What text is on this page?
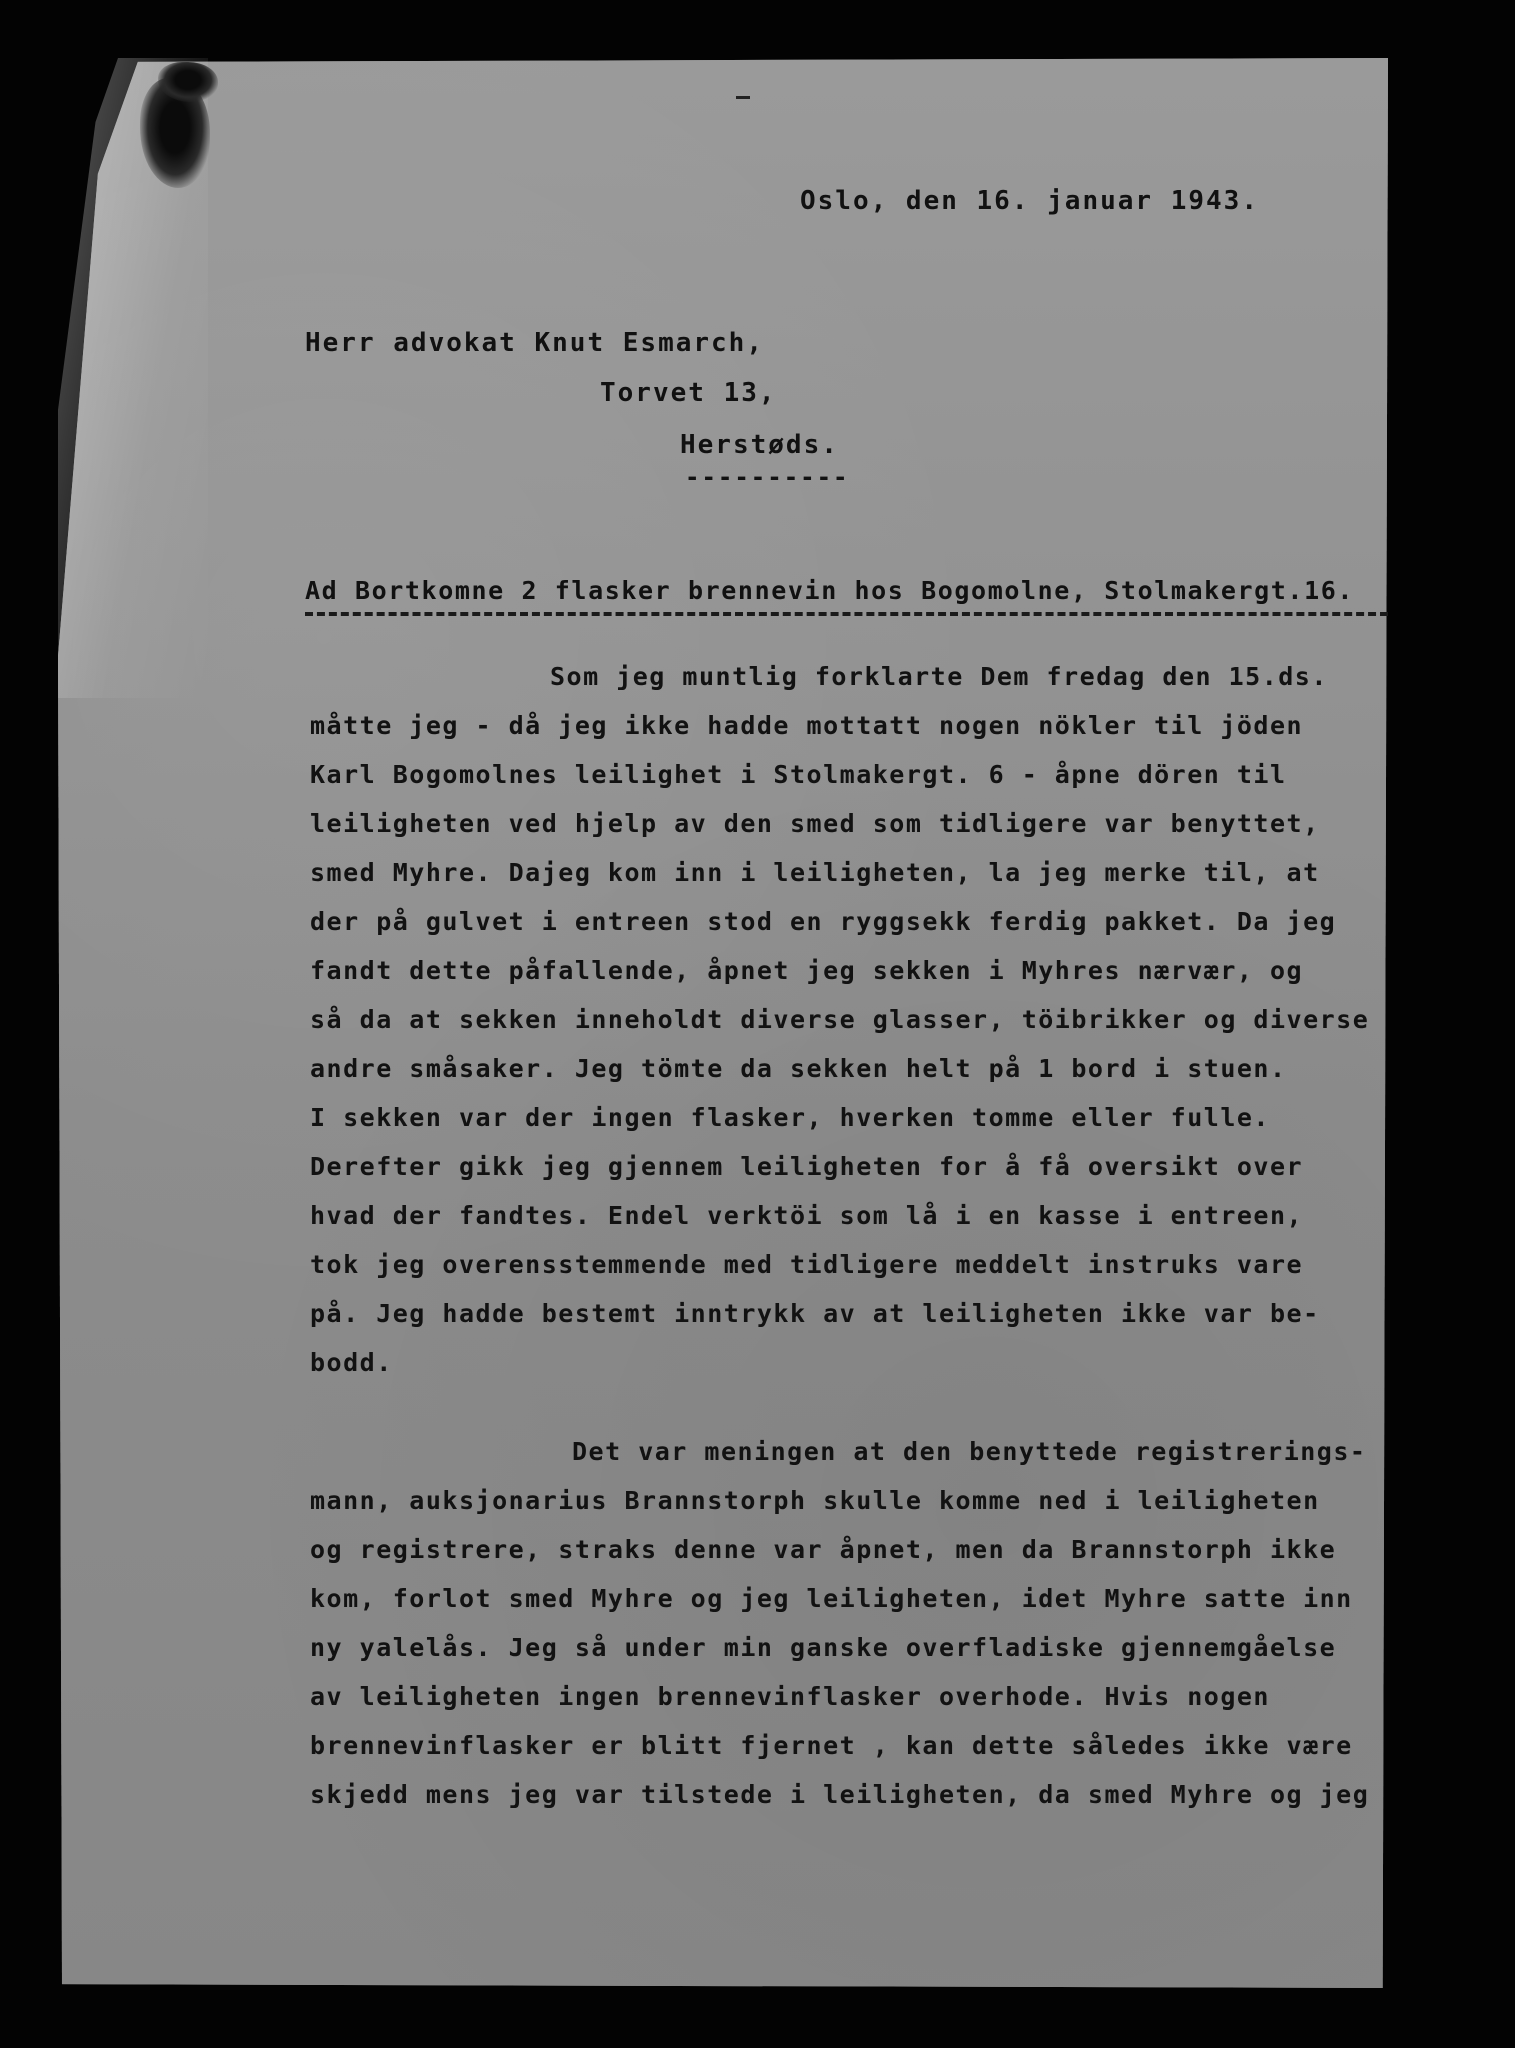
Oslo, den 16. januar 1943.
Herr advokat Knut Esmarch,
Torvet 13,
Herstøds.
----------
Ad Bortkomne 2 flasker brennevin hos Bogomolne, Stolmakergt.16.
Som jeg muntlig forklarte Dem fredag den 15.ds.
måtte jeg - då jeg ikke hadde mottatt nogen nökler til jöden
Karl Bogomolnes leilighet i Stolmakergt. 6 - åpne dören til
leiligheten ved hjelp av den smed som tidligere var benyttet,
smed Myhre. Dajeg kom inn i leiligheten, la jeg merke til, at
der på gulvet i entreen stod en ryggsekk ferdig pakket. Da jeg
fandt dette påfallende, åpnet jeg sekken i Myhres nærvær, og
så da at sekken inneholdt diverse glasser, töibrikker og diverse
andre småsaker. Jeg tömte da sekken helt på 1 bord i stuen.
I sekken var der ingen flasker, hverken tomme eller fulle.
Derefter gikk jeg gjennem leiligheten for å få oversikt over
hvad der fandtes. Endel verktöi som lå i en kasse i entreen,
tok jeg overensstemmende med tidligere meddelt instruks vare
på. Jeg hadde bestemt inntrykk av at leiligheten ikke var be-
bodd.
Det var meningen at den benyttede registrerings-
mann, auksjonarius Brannstorph skulle komme ned i leiligheten
og registrere, straks denne var åpnet, men da Brannstorph ikke
kom, forlot smed Myhre og jeg leiligheten, idet Myhre satte inn
ny yalelås. Jeg så under min ganske overfladiske gjennemgåelse
av leiligheten ingen brennevinflasker overhode. Hvis nogen
brennevinflasker er blitt fjernet , kan dette således ikke være
skjedd mens jeg var tilstede i leiligheten, da smed Myhre og jeg
